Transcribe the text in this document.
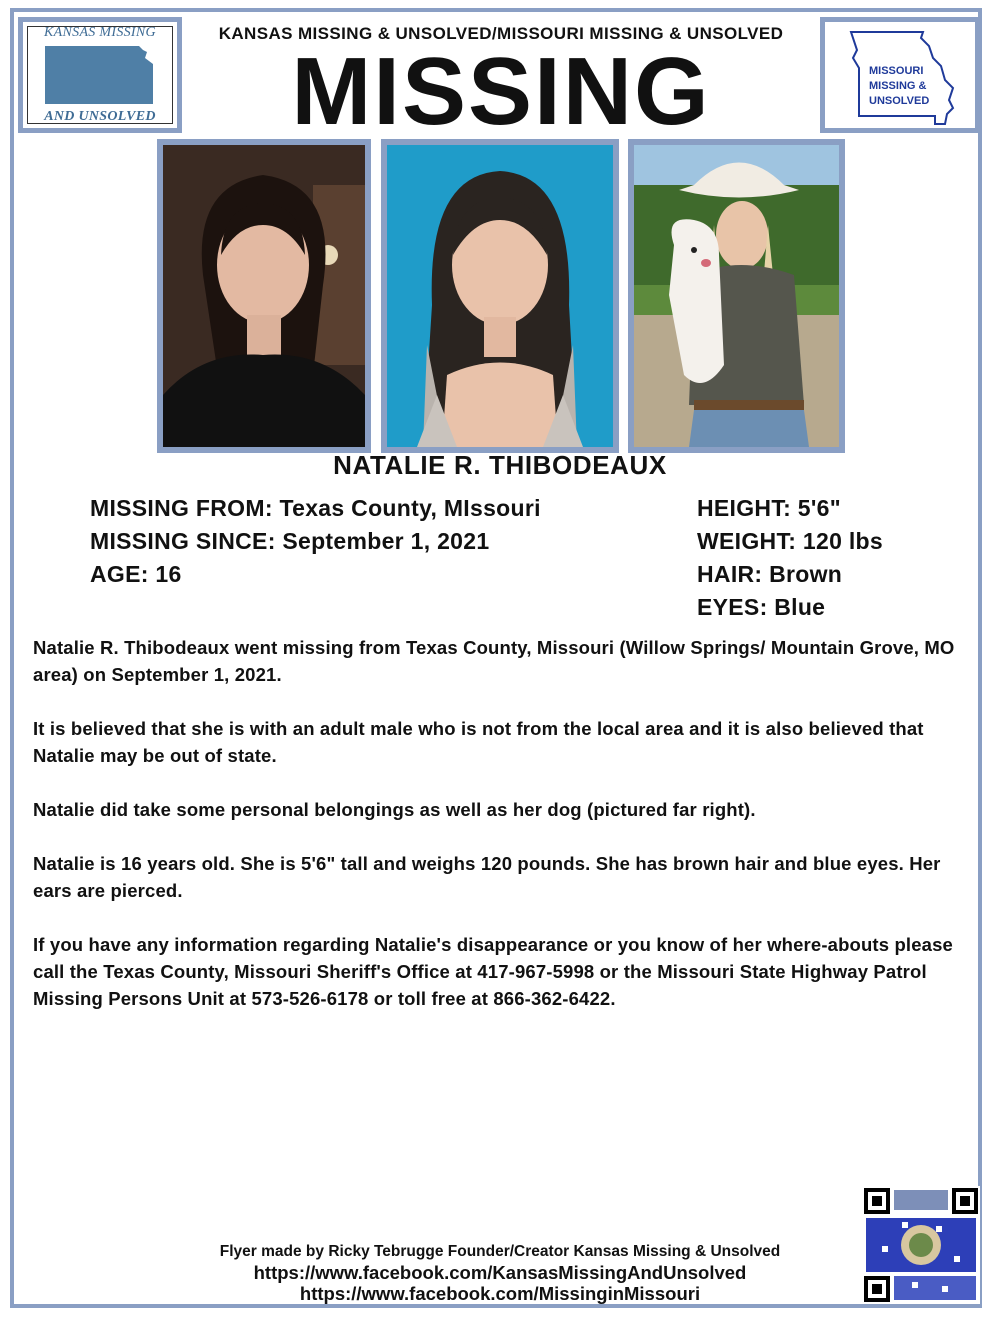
KANSAS MISSING
AND UNSOLVED
MISSOURI
MISSING &
UNSOLVED
KANSAS MISSING & UNSOLVED/MISSOURI MISSING & UNSOLVED
MISSING
NATALIE R. THIBODEAUX
MISSING FROM: Texas County, MIssouri
MISSING SINCE: September 1, 2021
AGE: 16
HEIGHT: 5'6"
WEIGHT: 120 lbs
HAIR: Brown
EYES: Blue

Natalie R. Thibodeaux went missing from Texas County, Missouri (Willow Springs/ Mountain Grove, MO area) on September 1, 2021.

It is believed that she is with an adult male who is not from the local area and it is also believed that Natalie may be out of state.

Natalie did take some personal belongings as well as her dog (pictured far right).

Natalie is 16 years old. She is 5'6" tall and weighs 120 pounds. She has brown hair and blue eyes. Her ears are pierced.

If you have any information regarding Natalie's disappearance or you know of her where-abouts please call the Texas County, Missouri Sheriff's Office at 417-967-5998 or the Missouri State Highway Patrol Missing Persons Unit at 573-526-6178 or toll free at 866-362-6422.

Flyer made by Ricky Tebrugge Founder/Creator Kansas Missing & Unsolved
https://www.facebook.com/KansasMissingAndUnsolved
https://www.facebook.com/MissinginMissouri
